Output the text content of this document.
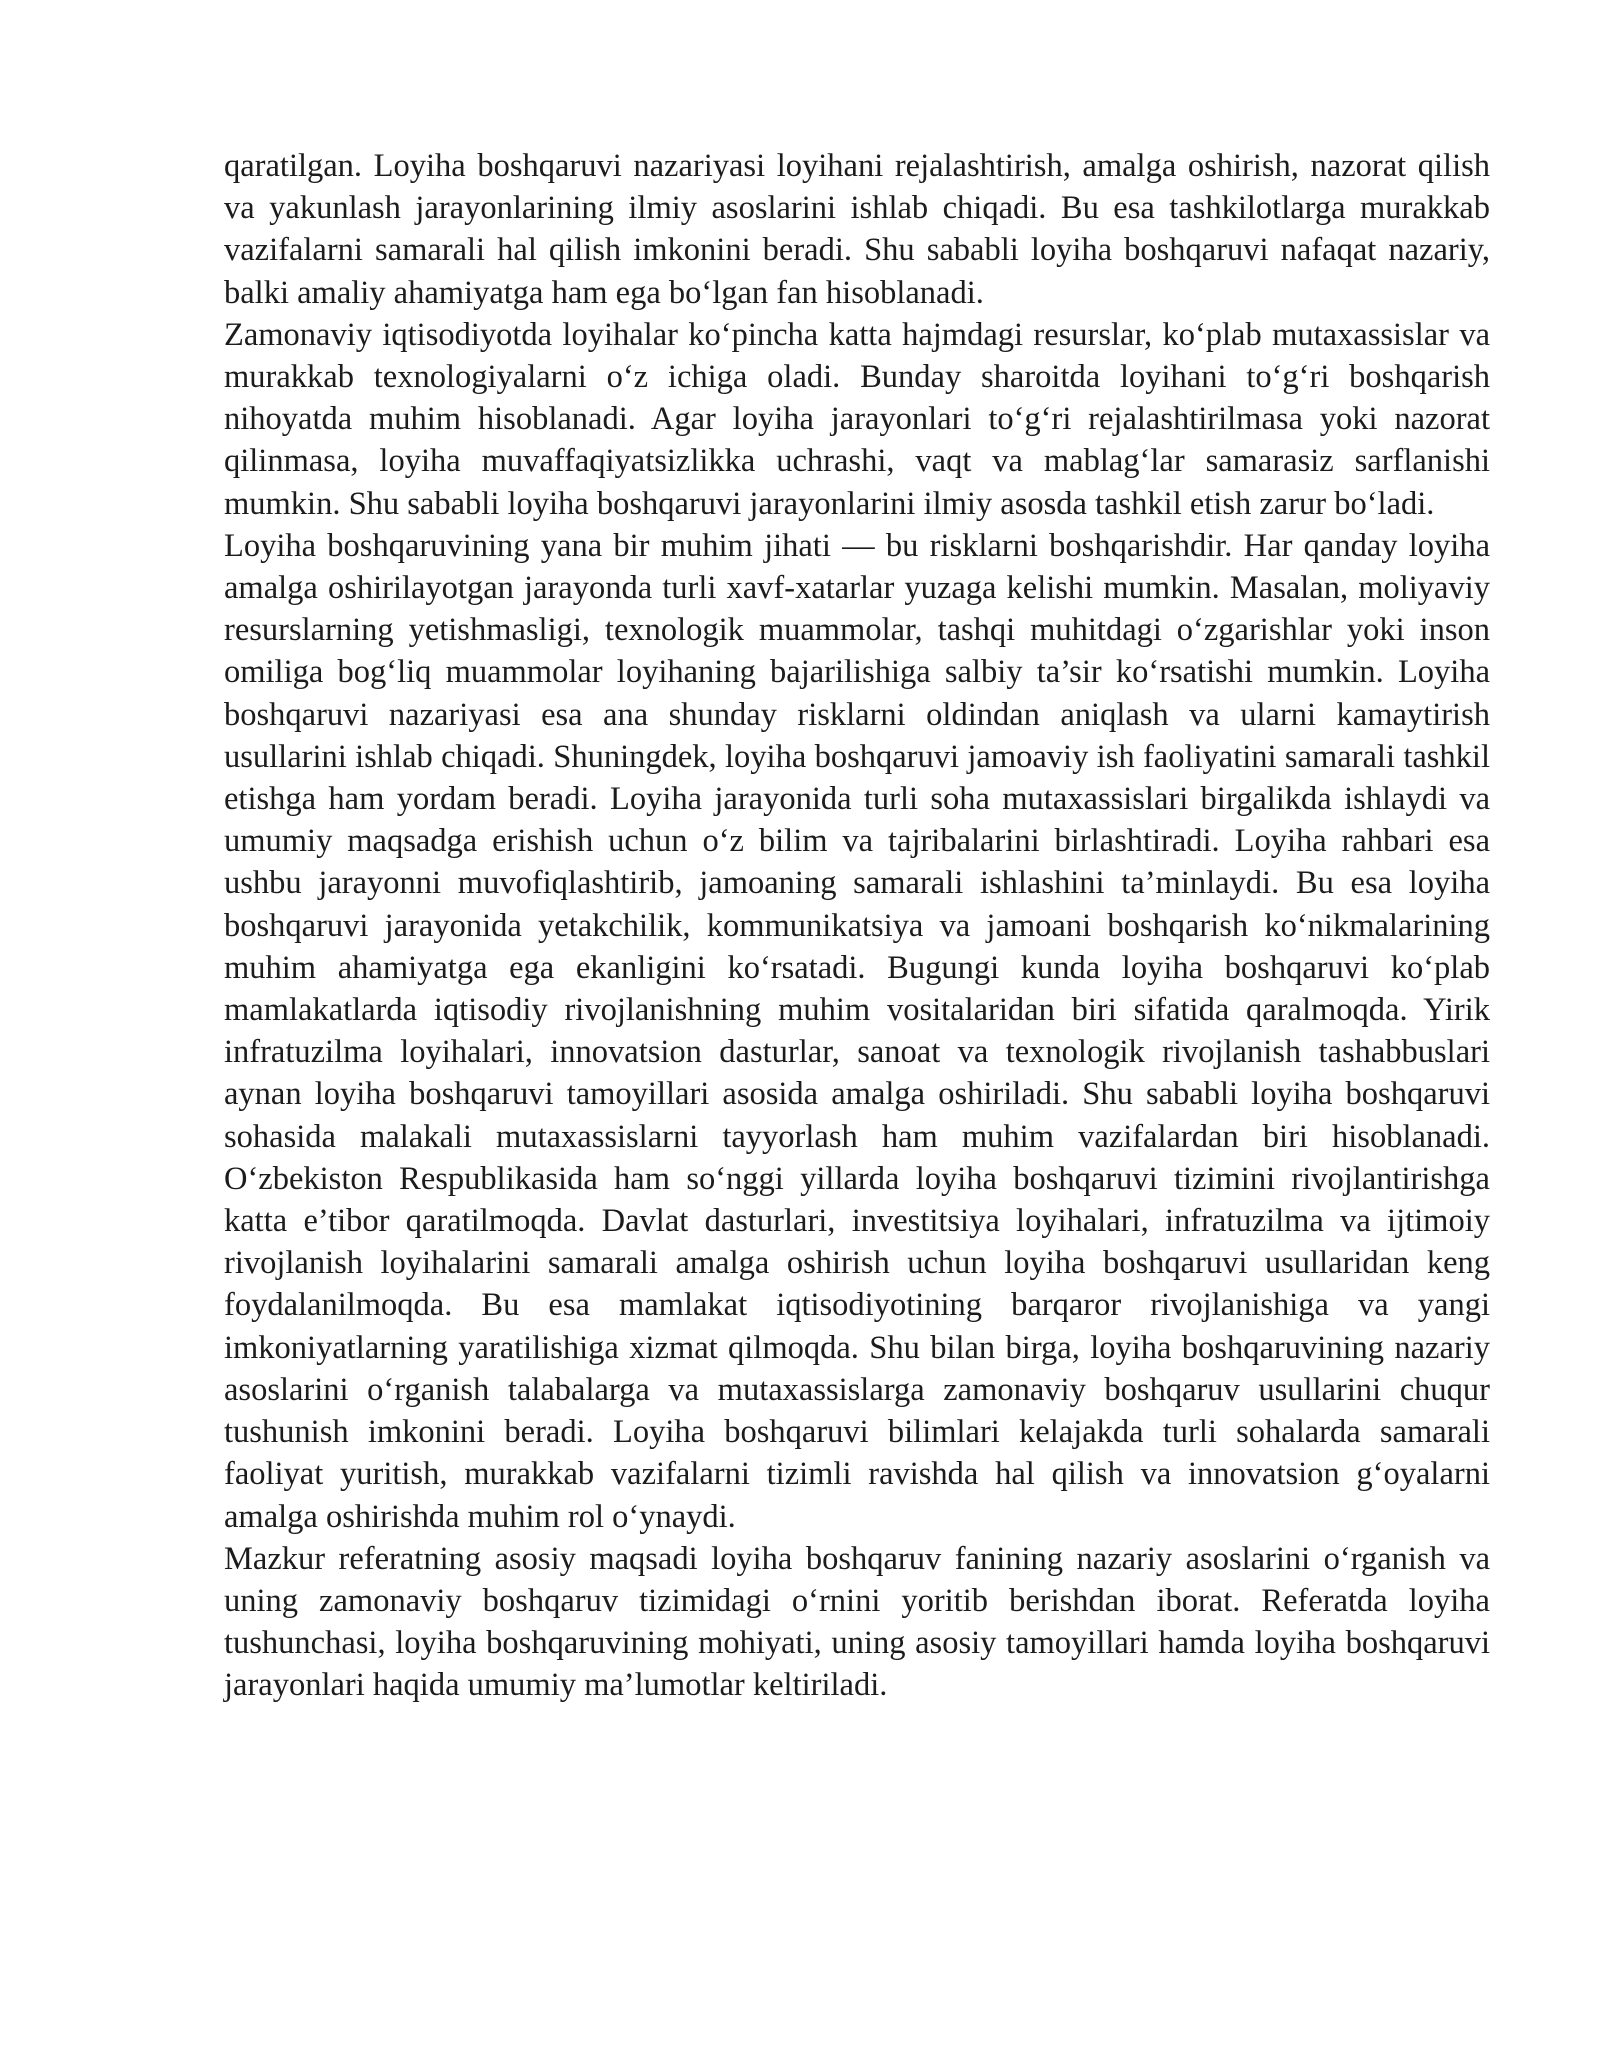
qaratilgan. Loyiha boshqaruvi nazariyasi loyihani rejalashtirish, amalga oshirish, nazorat qilish va yakunlash jarayonlarining ilmiy asoslarini ishlab chiqadi. Bu esa tashkilotlarga murakkab vazifalarni samarali hal qilish imkonini beradi. Shu sababli loyiha boshqaruvi nafaqat nazariy, balki amaliy ahamiyatga ham ega bo‘lgan fan hisoblanadi.

Zamonaviy iqtisodiyotda loyihalar ko‘pincha katta hajmdagi resurslar, ko‘plab mutaxassislar va murakkab texnologiyalarni o‘z ichiga oladi. Bunday sharoitda loyihani to‘g‘ri boshqarish nihoyatda muhim hisoblanadi. Agar loyiha jarayonlari to‘g‘ri rejalashtirilmasa yoki nazorat qilinmasa, loyiha muvaffaqiyatsizlikka uchrashi, vaqt va mablag‘lar samarasiz sarflanishi mumkin. Shu sababli loyiha boshqaruvi jarayonlarini ilmiy asosda tashkil etish zarur bo‘ladi.

Loyiha boshqaruvining yana bir muhim jihati — bu risklarni boshqarishdir. Har qanday loyiha amalga oshirilayotgan jarayonda turli xavf-xatarlar yuzaga kelishi mumkin. Masalan, moliyaviy resurslarning yetishmasligi, texnologik muammolar, tashqi muhitdagi o‘zgarishlar yoki inson omiliga bog‘liq muammolar loyihaning bajarilishiga salbiy ta’sir ko‘rsatishi mumkin. Loyiha boshqaruvi nazariyasi esa ana shunday risklarni oldindan aniqlash va ularni kamaytirish usullarini ishlab chiqadi. Shuningdek, loyiha boshqaruvi jamoaviy ish faoliyatini samarali tashkil etishga ham yordam beradi. Loyiha jarayonida turli soha mutaxassislari birgalikda ishlaydi va umumiy maqsadga erishish uchun o‘z bilim va tajribalarini birlashtiradi. Loyiha rahbari esa ushbu jarayonni muvofiqlashtirib, jamoaning samarali ishlashini ta’minlaydi. Bu esa loyiha boshqaruvi jarayonida yetakchilik, kommunikatsiya va jamoani boshqarish ko‘nikmalarining muhim ahamiyatga ega ekanligini ko‘rsatadi. Bugungi kunda loyiha boshqaruvi ko‘plab mamlakatlarda iqtisodiy rivojlanishning muhim vositalaridan biri sifatida qaralmoqda. Yirik infratuzilma loyihalari, innovatsion dasturlar, sanoat va texnologik rivojlanish tashabbuslari aynan loyiha boshqaruvi tamoyillari asosida amalga oshiriladi. Shu sababli loyiha boshqaruvi sohasida malakali mutaxassislarni tayyorlash ham muhim vazifalardan biri hisoblanadi. O‘zbekiston Respublikasida ham so‘nggi yillarda loyiha boshqaruvi tizimini rivojlantirishga katta e’tibor qaratilmoqda. Davlat dasturlari, investitsiya loyihalari, infratuzilma va ijtimoiy rivojlanish loyihalarini samarali amalga oshirish uchun loyiha boshqaruvi usullaridan keng foydalanilmoqda. Bu esa mamlakat iqtisodiyotining barqaror rivojlanishiga va yangi imkoniyatlarning yaratilishiga xizmat qilmoqda. Shu bilan birga, loyiha boshqaruvining nazariy asoslarini o‘rganish talabalarga va mutaxassislarga zamonaviy boshqaruv usullarini chuqur tushunish imkonini beradi. Loyiha boshqaruvi bilimlari kelajakda turli sohalarda samarali faoliyat yuritish, murakkab vazifalarni tizimli ravishda hal qilish va innovatsion g‘oyalarni amalga oshirishda muhim rol o‘ynaydi.

Mazkur referatning asosiy maqsadi loyiha boshqaruv fanining nazariy asoslarini o‘rganish va uning zamonaviy boshqaruv tizimidagi o‘rnini yoritib berishdan iborat. Referatda loyiha tushunchasi, loyiha boshqaruvining mohiyati, uning asosiy tamoyillari hamda loyiha boshqaruvi jarayonlari haqida umumiy ma’lumotlar keltiriladi.
